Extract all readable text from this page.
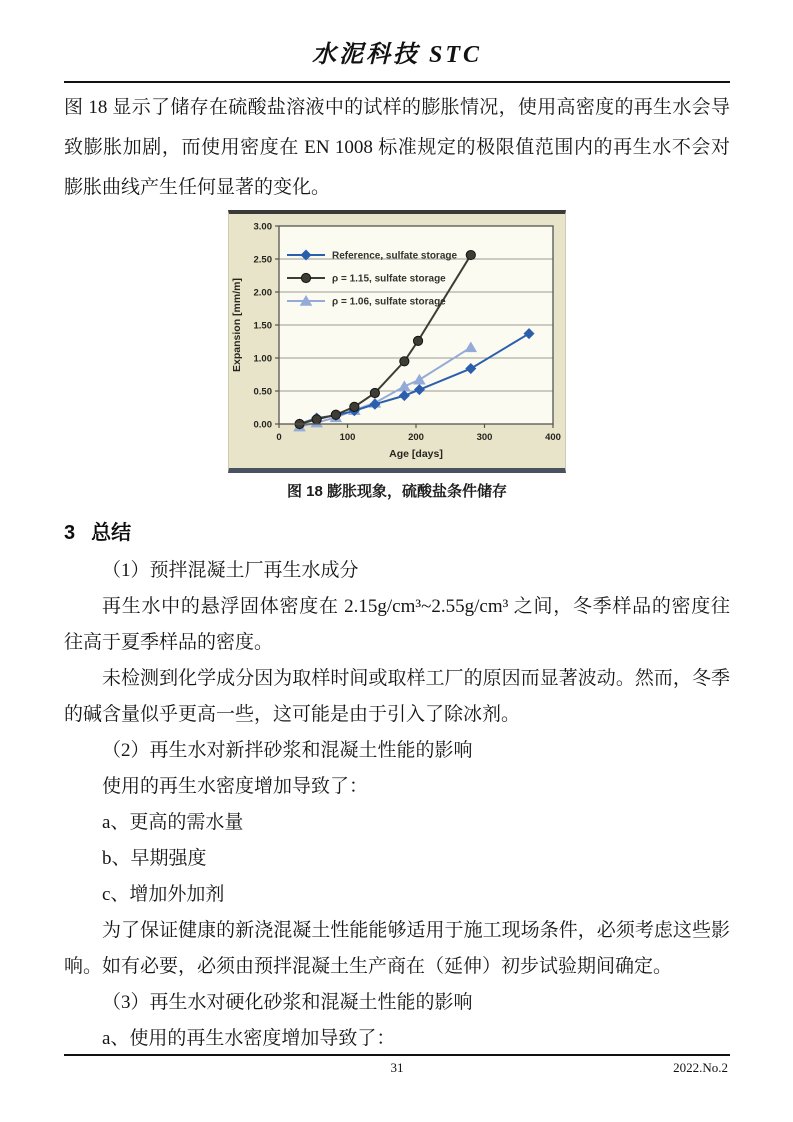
水泥科技 STC

图 18 显示了储存在硫酸盐溶液中的试样的膨胀情况，使用高密度的再生水会导致膨胀加剧，而使用密度在 EN 1008 标准规定的极限值范围内的再生水不会对膨胀曲线产生任何显著的变化。

0.00
0.50
1.00
1.50
2.00
2.50
3.00
0	100	200	300	400
Expansion [mm/m]
Age [days]
Reference, sulfate storage
ρ = 1.15, sulfate storage
ρ = 1.06, sulfate storage
图 18 膨胀现象，硫酸盐条件储存
3 总结

（1）预拌混凝土厂再生水成分

再生水中的悬浮固体密度在 2.15g/cm³~2.55g/cm³ 之间，冬季样品的密度往往高于夏季样品的密度。

未检测到化学成分因为取样时间或取样工厂的原因而显著波动。然而，冬季的碱含量似乎更高一些，这可能是由于引入了除冰剂。

（2）再生水对新拌砂浆和混凝土性能的影响

使用的再生水密度增加导致了：

a、更高的需水量

b、早期强度

c、增加外加剂

为了保证健康的新浇混凝土性能能够适用于施工现场条件，必须考虑这些影响。如有必要，必须由预拌混凝土生产商在（延伸）初步试验期间确定。

（3）再生水对硬化砂浆和混凝土性能的影响

a、使用的再生水密度增加导致了：

31	2022.No.2
